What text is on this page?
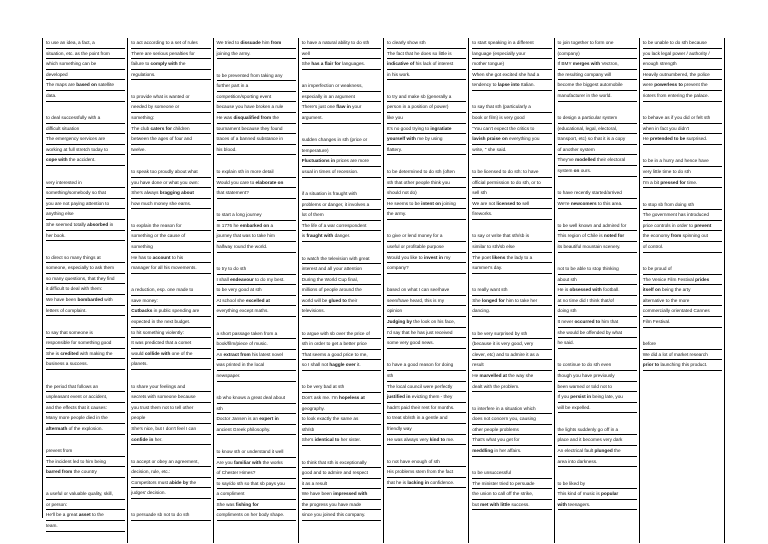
to use an idea, a fact, a
situation, etc. as the point from
which something can be
developed
The maps are based on satellite
data.
to deal successfully with a
difficult situation
The emergency services are
working at full stretch today to
cope with the accident.
very interested in
something/somebody so that
you are not paying attention to
anything else
She seemed totally absorbed in
her book.
to direct so many things at
someone, especially to ask them
so many questions, that they find
it difficult to deal with them:
We have been bombarded with
letters of complaint.
to say that someone is
responsible for something good
She is credited with making the
business a success.
the period that follows an
unpleasant event or accident,
and the effects that it causes:
Many more people died in the
aftermath of the explosion.
prevent from
The incident led to him being
barred from the country
a useful or valuable quality, skill,
or person:
He'll be a great asset to the
team.
to act according to a set of rules
There are serious penalties for
failure to comply with the
regulations.
to provide what is wanted or
needed by someone or
something:
The club caters for children
between the ages of four and
twelve.
to speak too proudly about what
you have done or what you own:
She's always bragging about
how much money she earns.
to explain the reason for
something or the cause of
something
He has to account to his
manager for all his movements.
a reduction, esp. one made to
save money:
Cutbacks in public spending are
expected in the next budget.
to hit something violently:
It was predicted that a comet
would collide with one of the
planets.
to share your feelings and
secrets with someone because
you trust them not to tell other
people
She's nice, but I don't feel I can
confide in her.
to accept or obey an agreement,
decision, rule, etc.:
Competitors must abide by the
judges' decision.
to persuade sb not to do sth
We tried to dissuade him from
joining the army.
to be prevented from taking any
further part in a
competition/sporting event
because you have broken a rule
He was disqualified from the
tournament because they found
traces of a banned substance in
his blood.
to explain sth in more detail
Would you care to elaborate on
that statement?
to start a long journey
In 1776 he embarked on a
journey that was to take him
halfway round the world.
to try to do sth
I shall endeavour to do my best.
to be very good at sth
At school she excelled at
everything except maths.
a short passage taken from a
book/film/piece of music.
An extract from his latest novel
was printed in the local
newspaper.
sb who knows a great deal about
sth
Doctor Jansen is an expert in
ancient Greek philosophy.
to know sth or understand it well
Are you familiar with the works
of Chester Himes?
to say/do sth so that sb pays you
a compliment
She was fishing for
compliments on her body shape.
to have a natural ability to do sth
well
She has a flair for languages.
an imperfection or weakness,
especially in an argument
There's just one flaw in your
argument.
sudden changes in sth (price or
temperature)
Fluctuations in prices are more
usual in times of recession.
if a situation is fraught with
problems or danger, it involves a
lot of them
The life of a war correspondent
is fraught with danger.
to watch the television with great
interest and all your attention
During the World Cup final,
millions of people around the
world will be glued to their
televisions.
to argue with sb over the price of
sth in order to get a better price
That seems a good price to me,
so I shall not haggle over it.
to be very bad at sth
Don't ask me. I'm hopeless at
geography.
to look exactly the same as
sth/sb
She's identical to her sister.
to think that sth is exceptionally
good and to admire and respect
it as a result
We have been impressed with
the progress you have made
since you joined this company.
to clearly show sth
The fact that he does so little is
indicative of his lack of interest
in his work.
to try and make sb (generally a
person in a position of power)
like you
It's no good trying to ingratiate
yourself with me by using
flattery.
to be determined to do sth (often
sth that other people think you
should not do)
He seems to be intent on joining
the army.
to give or lend money for a
useful or profitable purpose
Would you like to invest in my
company?
based on what I can see/have
seen/have heard, this is my
opinion
Judging by the look on his face,
I'd say that he has just received
some very good news.
to have a good reason for doing
sth
The local council were perfectly
justified in evicting them - they
hadn't paid their rent for months.
to treat sb/sth in a gentle and
friendly way
He was always very kind to me.
to not have enough of sth
His problems stem from the fact
that he is lacking in confidence.
to start speaking in a different
language (especially your
mother tongue)
When she got excited she had a
tendency to lapse into Italian.
to say that sth (particularly a
book or film) is very good
"You can't expect the critics to
lavish praise on everything you
write, " she said.
to be licensed to do sth: to have
official permission to do sth, or to
sell sth
We are not licensed to sell
fireworks.
to say or write that sth/sb is
similar to sth/sb else
The poet likens the lady to a
summer's day.
to really want sth
She longed for him to take her
dancing.
to be very surprised by sth
(because it is very good, very
clever, etc) and to admire it as a
result
He marvelled at the way she
dealt with the problem.
to interfere in a situation which
does not concern you, causing
other people problems
That's what you get for
meddling in her affairs.
to be unsuccessful
The minister tried to persuade
the union to call off the strike,
but met with little success.
to join together to form one
(company)
If BMY merges with Vectron,
the resulting company will
become the biggest automobile
manufacturer in the world.
to design a particular system
(educational, legal, electoral,
transport, etc) so that it is a copy
of another system
They've modelled their electoral
system on ours.
to have recently started/arrived
We're newcomers to this area.
to be well known and admired for
This region of Chile is noted for
its beautiful mountain scenery.
not to be able to stop thinking
about sth
He is obsessed with football.
at no time did I think that/of
doing sth
It never occurred to him that
she would be offended by what
he said.
to continue to do sth even
though you have previously
been warned or told not to
If you persist in being late, you
will be expelled.
the lights suddenly go off in a
place and it becomes very dark
An electrical fault plunged the
area into darkness.
to be liked by
This kind of music is popular
with teenagers.
to be unable to do sth because
you lack legal power / authority /
enough strength
Heavily outnumbered, the police
were powerless to prevent the
rioters from entering the palace.
to behave as if you did or felt sth
when in fact you didn't
He pretended to be surprised.
to be in a hurry and hence have
very little time to do sth
I'm a bit pressed for time.
to stop sb from doing sth
The government has introduced
price controls in order to prevent
the economy from spinning out
of control.
to be proud of
The Venice Film Festival prides
itself on being the arty
alternative to the more
commercially orientated Cannes
Film Festival.
before
We did a lot of market research
prior to launching this product.
